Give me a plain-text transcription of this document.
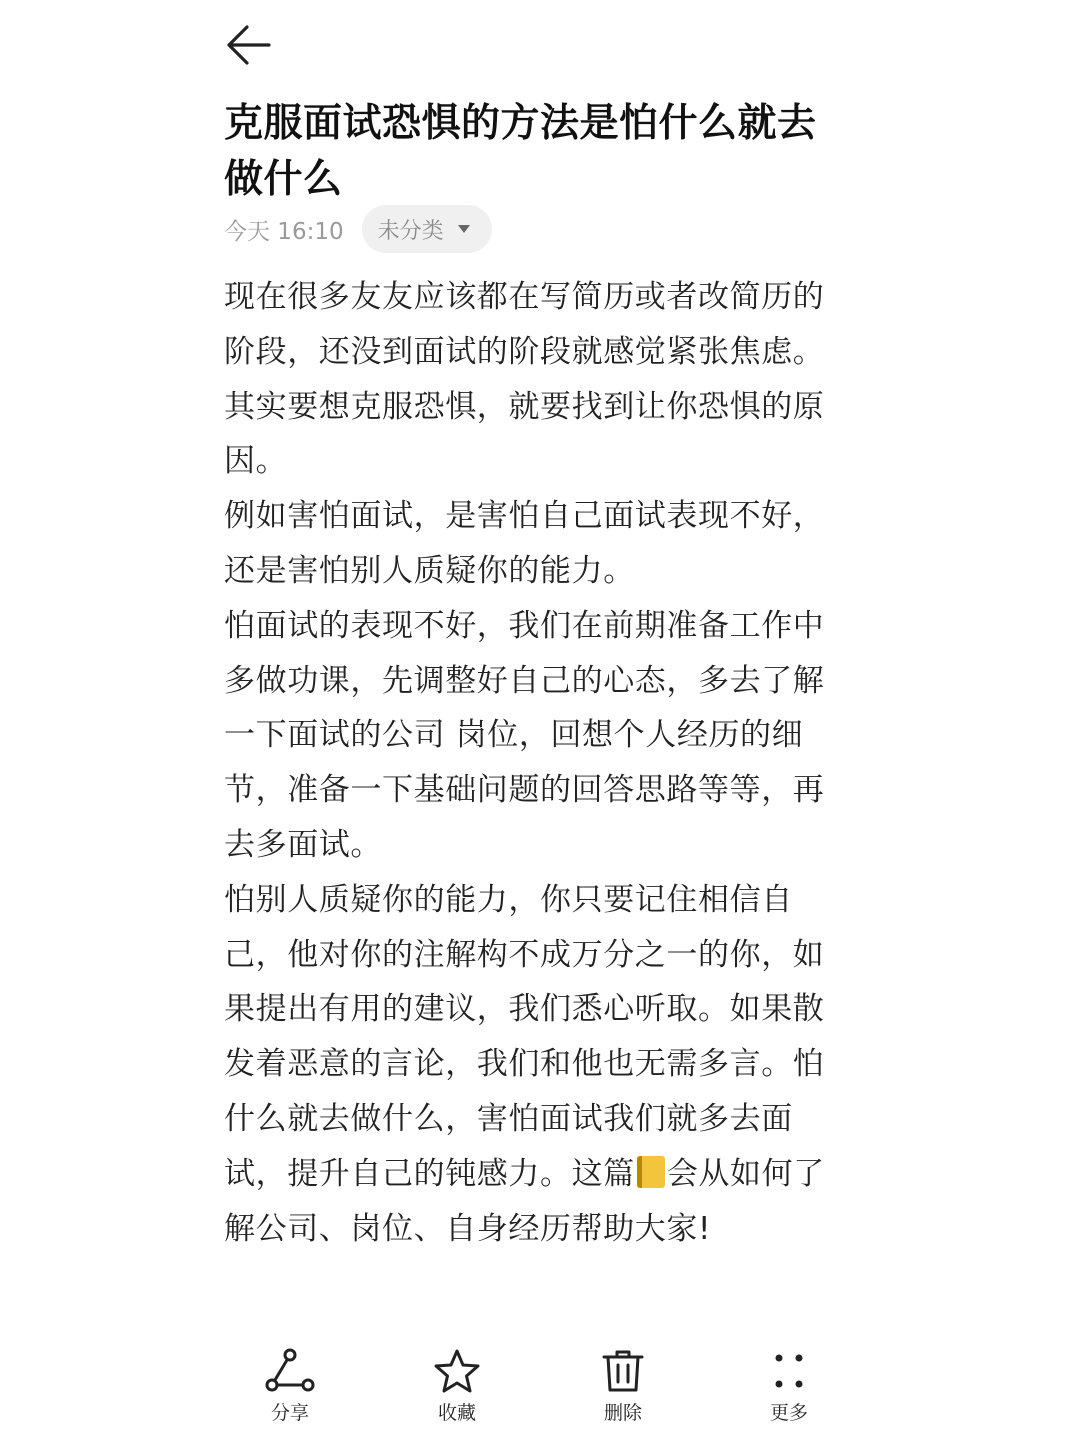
克服面试恐惧的方法是怕什么就去做什么
今天 16:10 未分类

现在很多友友应该都在写简历或者改简历的阶段，还没到面试的阶段就感觉紧张焦虑。其实要想克服恐惧，就要找到让你恐惧的原因。

例如害怕面试，是害怕自己面试表现不好，还是害怕别人质疑你的能力。

怕面试的表现不好，我们在前期准备工作中多做功课，先调整好自己的心态，多去了解一下面试的公司 岗位，回想个人经历的细节，准备一下基础问题的回答思路等等，再去多面试。

怕别人质疑你的能力，你只要记住相信自己，他对你的注解构不成万分之一的你，如果提出有用的建议，我们悉心听取。如果散发着恶意的言论，我们和他也无需多言。怕什么就去做什么，害怕面试我们就多去面试，提升自己的钝感力。这篇 会从如何了解公司、岗位、自身经历帮助大家!

分享	收藏	删除	更多
